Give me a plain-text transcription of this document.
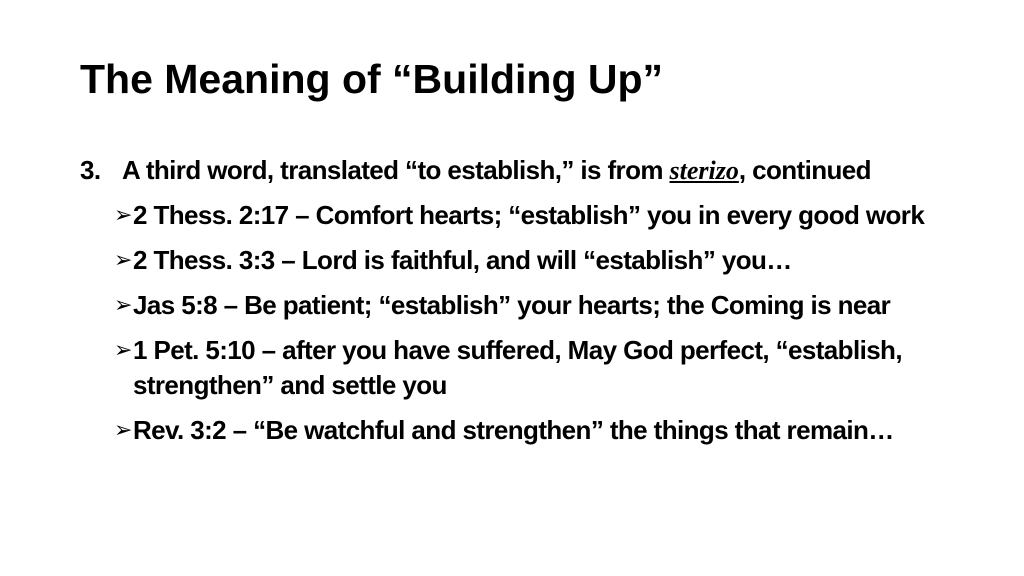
The Meaning of “Building Up”
3. A third word, translated “to establish,” is from sterizo, continued
➢ 2 Thess. 2:17 – Comfort hearts; “establish” you in every good work
➢ 2 Thess. 3:3 – Lord is faithful, and will “establish” you…
➢ Jas 5:8 – Be patient; “establish” your hearts; the Coming is near
➢ 1 Pet. 5:10 – after you have suffered, May God perfect, “establish, strengthen” and settle you
➢ Rev. 3:2 – “Be watchful and strengthen” the things that remain…
